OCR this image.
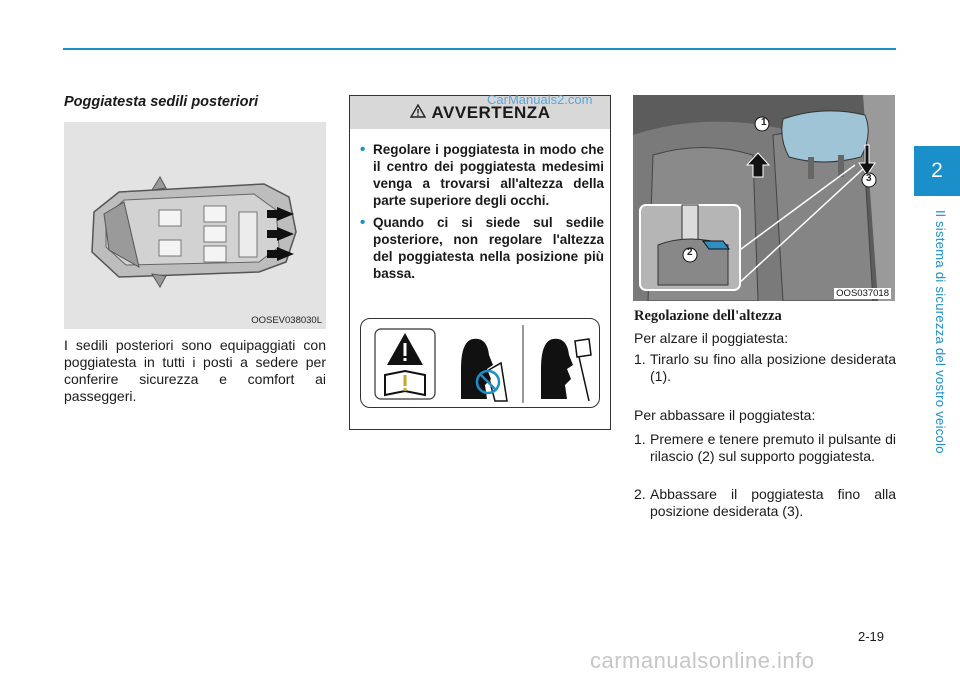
2
Il sistema di sicurezza del vostro veicolo
Poggiatesta sedili posteriori
OOSEV038030L
I sedili posteriori sono equipaggiati con poggiatesta in tutti i posti a sedere per conferire sicurezza e comfort ai passeggeri.
AVVERTENZA
• Regolare i poggiatesta in modo che il centro dei poggiatesta medesimi venga a trovarsi all'altezza della parte superiore degli occhi.
• Quando ci si siede sul sedile posteriore, non regolare l'altezza del poggiatesta nella posizione più bassa.
CarManuals2.com
1
2
3
OOS037018
Regolazione dell'altezza
Per alzare il poggiatesta:
1. Tirarlo su fino alla posizione desiderata (1).
Per abbassare il poggiatesta:
1. Premere e tenere premuto il pulsante di rilascio (2) sul supporto poggiatesta.
2. Abbassare il poggiatesta fino alla posizione desiderata (3).
2-19
carmanualsonline.info
